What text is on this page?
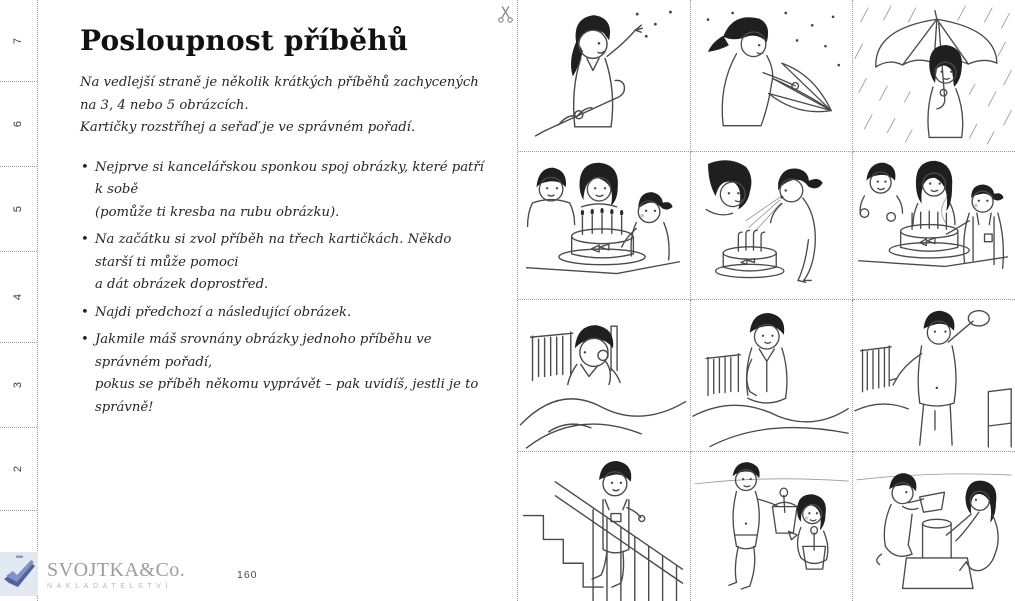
7
6
5
4
3
2
Posloupnost příběhů

Na vedlejší straně je několik krátkých příběhů zachycených na 3, 4 nebo 5 obrázcích.

Kartičky rozstříhej a seřaď je ve správném pořadí.

• Nejprve si kancelářskou sponkou spoj obrázky, které patří k sobě
(pomůže ti kresba na rubu obrázku).
• Na začátku si zvol příběh na třech kartičkách. Někdo starší ti může pomoci
a dát obrázek doprostřed.
• Najdi předchozí a následující obrázek.
• Jakmile máš srovnány obrázky jednoho příběhu ve správném pořadí,
pokus se příběh někomu vyprávět – pak uvidíš, jestli je to správně!
SVOJTKA&Co.
NAKLADATELSTVÍ
160
